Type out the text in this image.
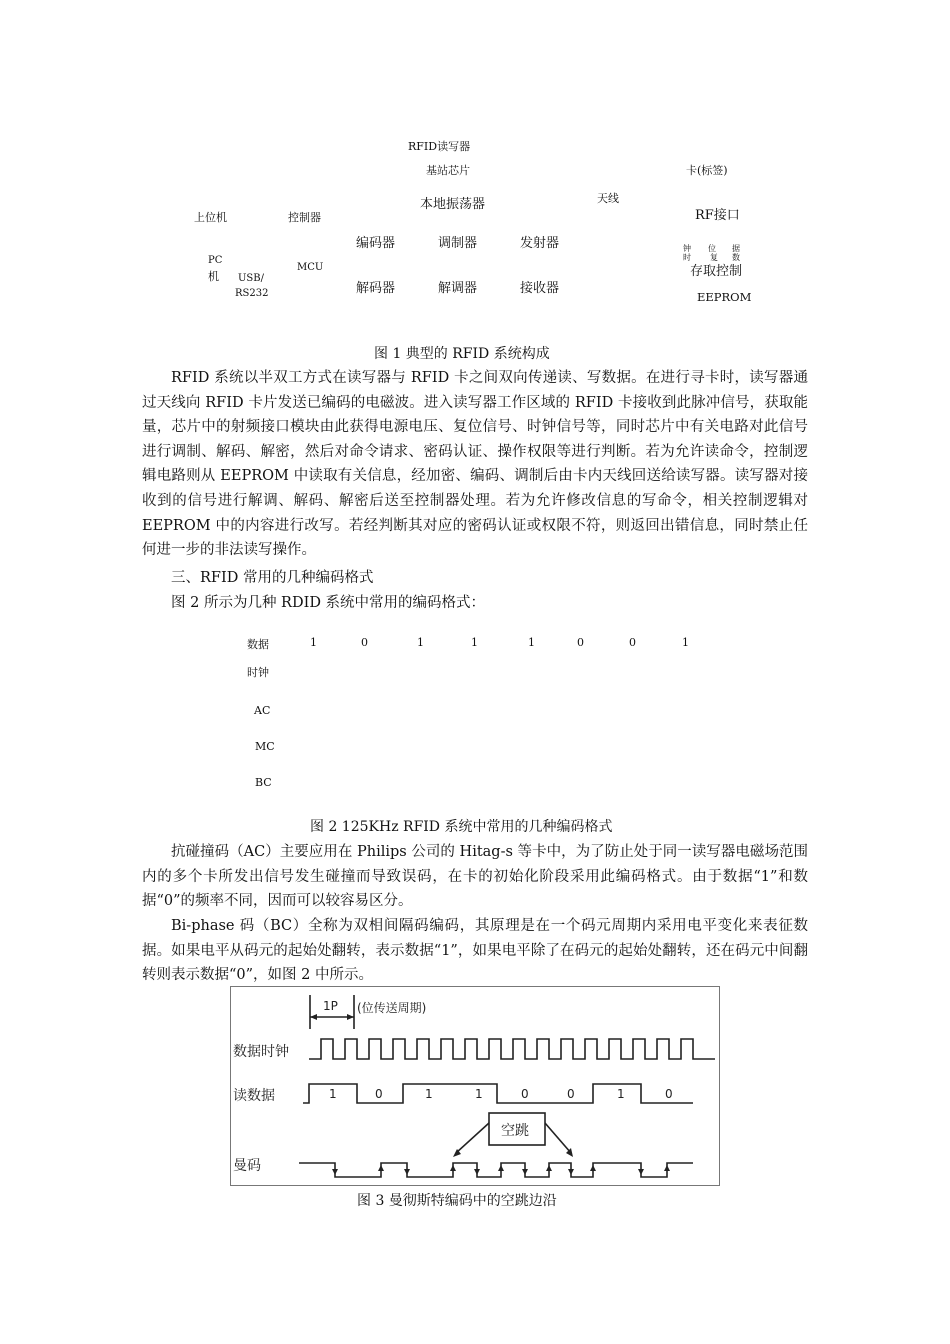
RFID读写器
基站芯片	卡(标签)
本地振荡器	天线
上位机	控制器	RF接口
编码器	调制器	发射器	钟 位 据
时 复 数
PC
机
MCU	存取控制
USB/
RS232	解码器	解调器	接收器
EEPROM
图 1 典型的 RFID 系统构成

RFID 系统以半双工方式在读写器与 RFID 卡之间双向传递读、写数据。在进行寻卡时，读写器通过天线向 RFID 卡片发送已编码的电磁波。进入读写器工作区域的 RFID 卡接收到此脉冲信号，获取能量，芯片中的射频接口模块由此获得电源电压、复位信号、时钟信号等，同时芯片中有关电路对此信号进行调制、解码、解密，然后对命令请求、密码认证、操作权限等进行判断。若为允许读命令，控制逻辑电路则从 EEPROM 中读取有关信息，经加密、编码、调制后由卡内天线回送给读写器。读写器对接收到的信号进行解调、解码、解密后送至控制器处理。若为允许修改信息的写命令，相关控制逻辑对 EEPROM 中的内容进行改写。若经判断其对应的密码认证或权限不符，则返回出错信息，同时禁止任何进一步的非法读写操作。

三、RFID 常用的几种编码格式

图 2 所示为几种 RDID 系统中常用的编码格式：

数据	1	0	1	1	1	0	0	1
时钟
AC
MC
BC
图 2 125KHz RFID 系统中常用的几种编码格式

抗碰撞码（AC）主要应用在 Philips 公司的 Hitag-s 等卡中，为了防止处于同一读写器电磁场范围内的多个卡所发出信号发生碰撞而导致误码，在卡的初始化阶段采用此编码格式。由于数据“1”和数据“0”的频率不同，因而可以较容易区分。

Bi-phase 码（BC）全称为双相间隔码编码，其原理是在一个码元周期内采用电平变化来表征数据。如果电平从码元的起始处翻转，表示数据“1”，如果电平除了在码元的起始处翻转，还在码元中间翻转则表示数据“0”，如图 2 中所示。

1P (位传送周期)
数据时钟
读数据
曼码
1	0	1	1	0	0	1	0
空跳
图 3 曼彻斯特编码中的空跳边沿
